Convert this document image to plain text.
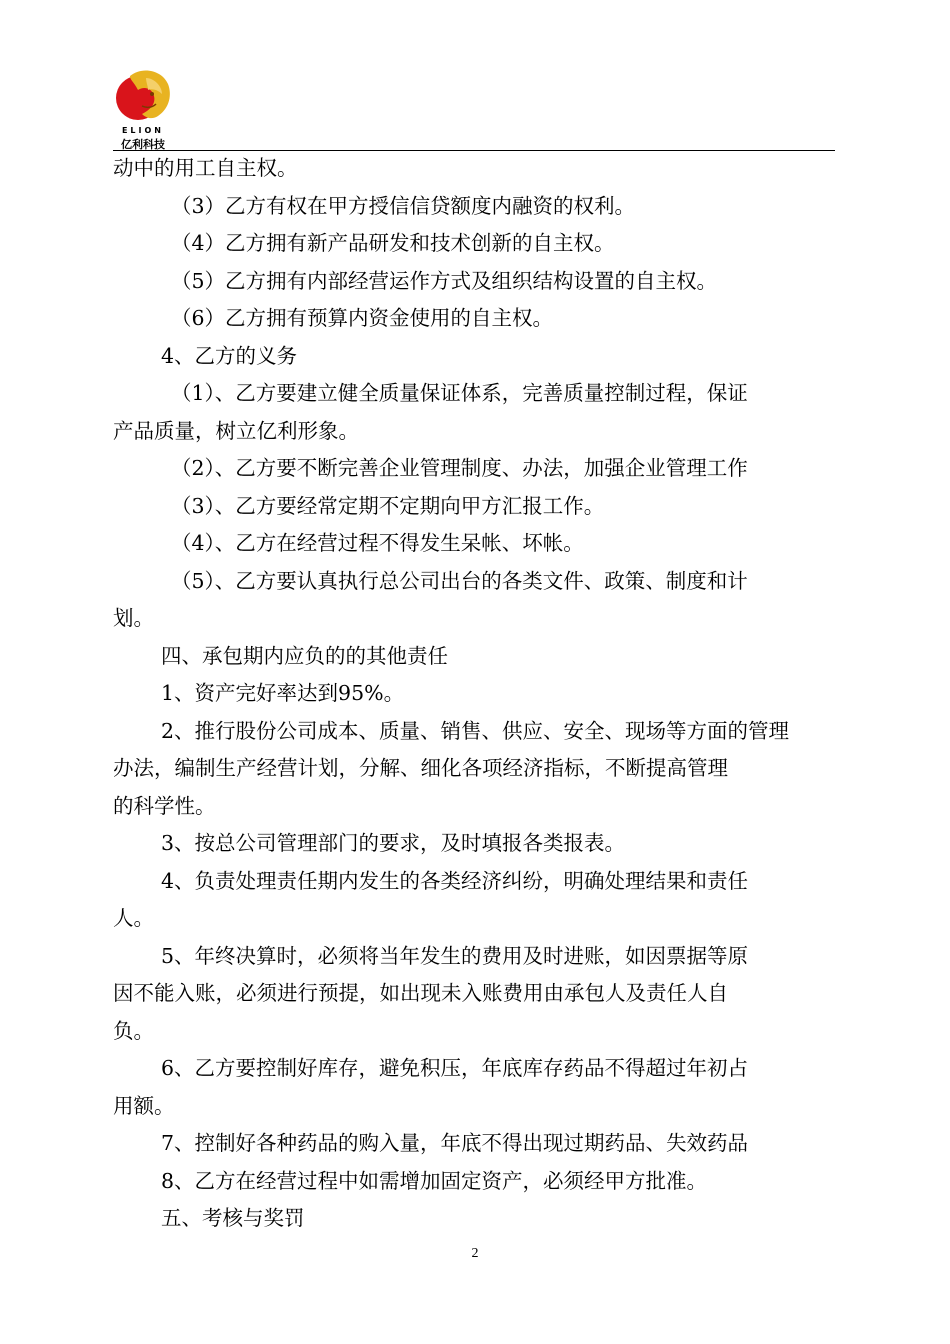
ELION
亿利科技
动中的用工自主权。
（3）乙方有权在甲方授信信贷额度内融资的权利。
（4）乙方拥有新产品研发和技术创新的自主权。
（5）乙方拥有内部经营运作方式及组织结构设置的自主权。
（6）乙方拥有预算内资金使用的自主权。
4、乙方的义务
（1）、乙方要建立健全质量保证体系，完善质量控制过程，保证
产品质量，树立亿利形象。
（2）、乙方要不断完善企业管理制度、办法，加强企业管理工作
（3）、乙方要经常定期不定期向甲方汇报工作。
（4）、乙方在经营过程不得发生呆帐、坏帐。
（5）、乙方要认真执行总公司出台的各类文件、政策、制度和计
划。
四、承包期内应负的的其他责任
1、资产完好率达到95%。
2、推行股份公司成本、质量、销售、供应、安全、现场等方面的管理
办法，编制生产经营计划，分解、细化各项经济指标，不断提高管理
的科学性。
3、按总公司管理部门的要求，及时填报各类报表。
4、负责处理责任期内发生的各类经济纠纷，明确处理结果和责任
人。
5、年终决算时，必须将当年发生的费用及时进账，如因票据等原
因不能入账，必须进行预提，如出现未入账费用由承包人及责任人自
负。
6、乙方要控制好库存，避免积压，年底库存药品不得超过年初占
用额。
7、控制好各种药品的购入量，年底不得出现过期药品、失效药品
8、乙方在经营过程中如需增加固定资产，必须经甲方批准。
五、考核与奖罚
2
